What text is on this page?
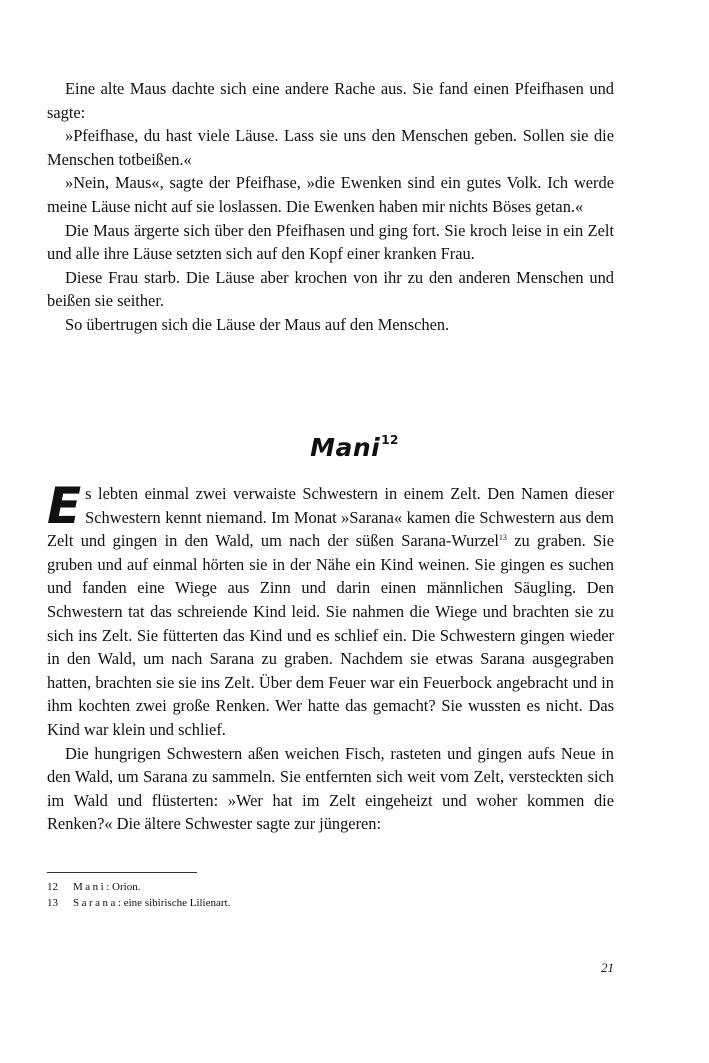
Eine alte Maus dachte sich eine andere Rache aus. Sie fand einen Pfeifhasen und sagte:

»Pfeifhase, du hast viele Läuse. Lass sie uns den Menschen geben. Sollen sie die Menschen totbeißen.«

»Nein, Maus«, sagte der Pfeifhase, »die Ewenken sind ein gutes Volk. Ich werde meine Läuse nicht auf sie loslassen. Die Ewenken haben mir nichts Böses getan.«

Die Maus ärgerte sich über den Pfeifhasen und ging fort. Sie kroch leise in ein Zelt und alle ihre Läuse setzten sich auf den Kopf einer kranken Frau.

Diese Frau starb. Die Läuse aber krochen von ihr zu den anderen Menschen und beißen sie seither.

So übertrugen sich die Läuse der Maus auf den Menschen.

Mani$^{12}$

Es lebten einmal zwei verwaiste Schwestern in einem Zelt. Den Namen dieser Schwestern kennt niemand. Im Monat »Sarana« kamen die Schwestern aus dem Zelt und gingen in den Wald, um nach der süßen Sarana-Wurzel$^{13}$ zu graben. Sie gruben und auf einmal hörten sie in der Nähe ein Kind weinen. Sie gingen es suchen und fanden eine Wiege aus Zinn und darin einen männlichen Säugling. Den Schwestern tat das schreiende Kind leid. Sie nahmen die Wiege und brachten sie zu sich ins Zelt. Sie fütterten das Kind und es schlief ein. Die Schwestern gingen wieder in den Wald, um nach Sarana zu graben. Nachdem sie etwas Sarana ausgegraben hatten, brachten sie sie ins Zelt. Über dem Feuer war ein Feuerbock angebracht und in ihm kochten zwei große Renken. Wer hatte das gemacht? Sie wussten es nicht. Das Kind war klein und schlief.

Die hungrigen Schwestern aßen weichen Fisch, rasteten und gingen aufs Neue in den Wald, um Sarana zu sammeln. Sie entfernten sich weit vom Zelt, versteckten sich im Wald und flüsterten: »Wer hat im Zelt eingeheizt und woher kommen die Renken?« Die ältere Schwester sagte zur jüngeren:

12	Mani: Orion.
13	Sarana: eine sibirische Lilienart.
21
